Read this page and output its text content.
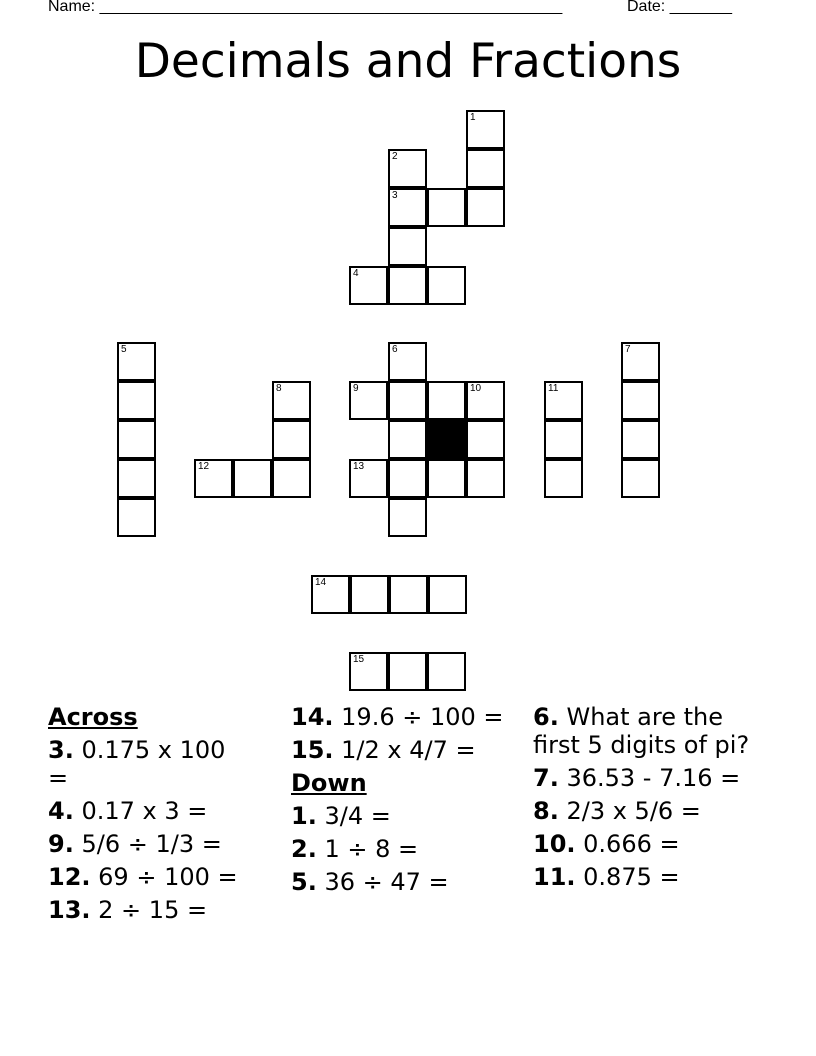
Name: ____________________________________________________	Date: _______
Decimals and Fractions
1
2
3
4
5
8
12
6
9	10
13
11
7
14
15
Across
3. 0.175 x 100 =
4. 0.17 x 3 =
9. 5/6 ÷ 1/3 =
12. 69 ÷ 100 =
13. 2 ÷ 15 =
14. 19.6 ÷ 100 =
15. 1/2 x 4/7 =
Down
1. 3/4 =
2. 1 ÷ 8 =
5. 36 ÷ 47 =
6. What are the first 5 digits of pi?
7. 36.53 - 7.16 =
8. 2/3 x 5/6 =
10. 0.666 =
11. 0.875 =
